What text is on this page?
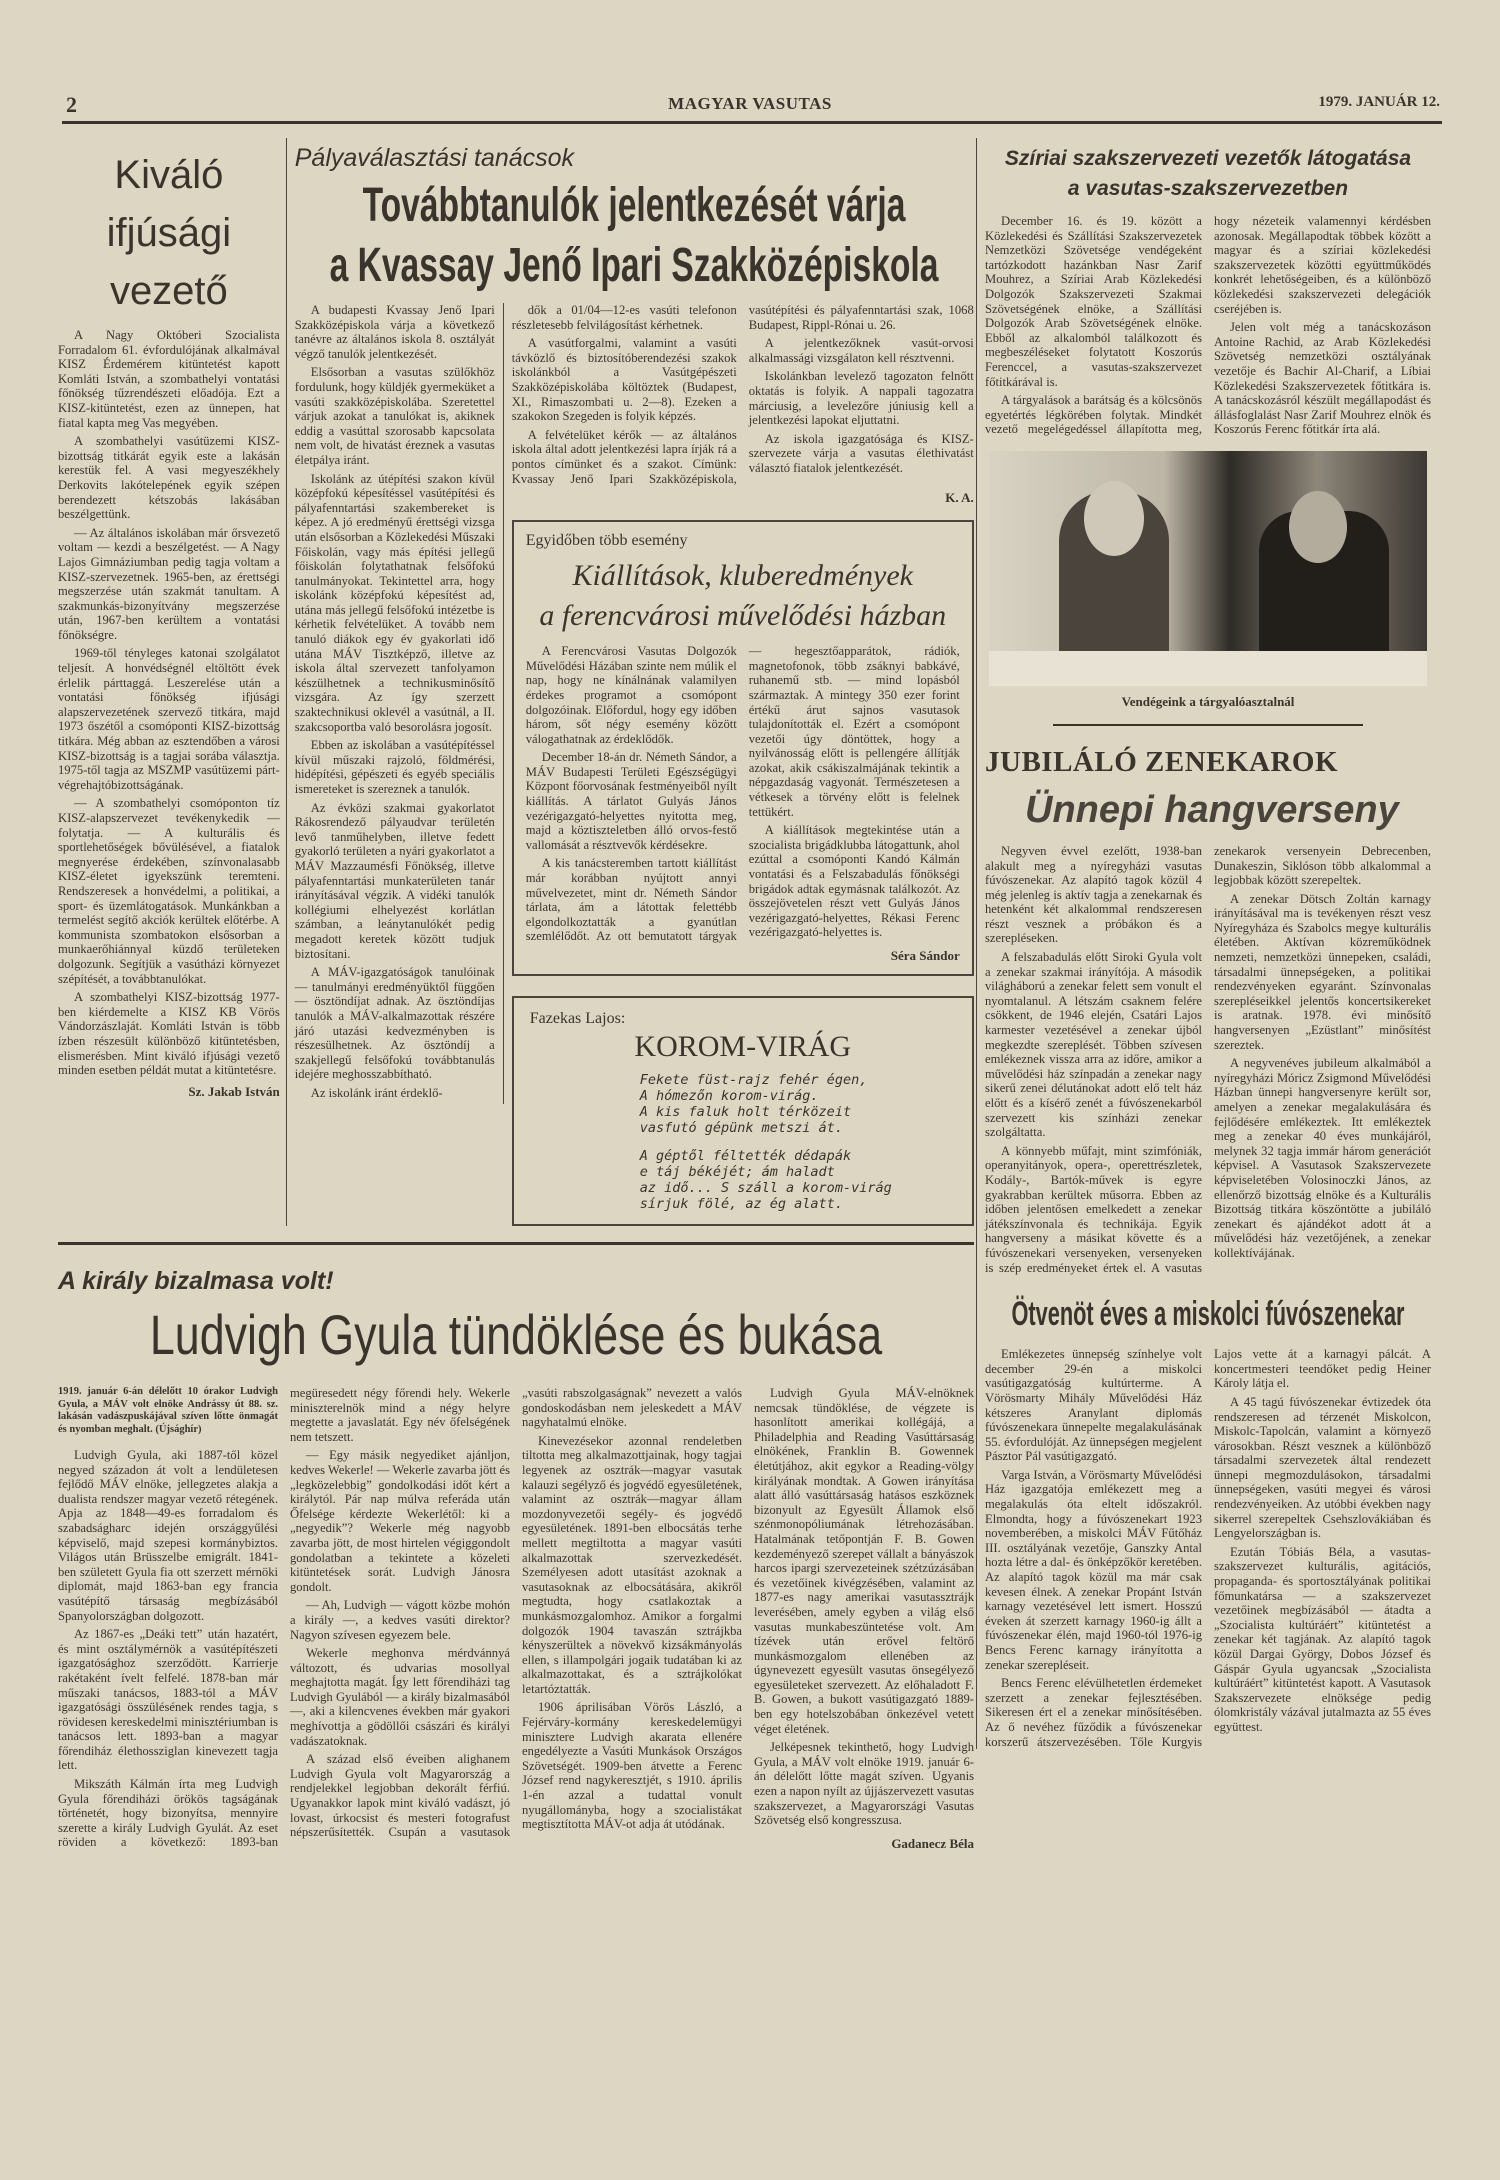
2	MAGYAR VASUTAS	1979. JANUÁR 12.
Kiváló
ifjúsági
vezető

A Nagy Októberi Szocialista Forradalom 61. évfordulójának alkalmával KISZ Érdemérem kitüntetést kapott Komláti István, a szombathelyi vontatási főnökség tűzrendészeti előadója. Ezt a KISZ-kitüntetést, ezen az ünnepen, hat fiatal kapta meg Vas megyében.

A szombathelyi vasútüzemi KISZ-bizottság titkárát egyik este a lakásán kerestük fel. A vasi megyeszékhely Derkovits lakótelepének egyik szépen berendezett kétszobás lakásában beszélgettünk.

— Az általános iskolában már őrsvezető voltam — kezdi a beszélgetést. — A Nagy Lajos Gimnáziumban pedig tagja voltam a KISZ-szervezetnek. 1965-ben, az érettségi megszerzése után szakmát tanultam. A szakmunkás-bizonyítvány megszerzése után, 1967-ben kerültem a vontatási főnökségre.

1969-től tényleges katonai szolgálatot teljesít. A honvédségnél eltöltött évek érlelik párttaggá. Leszerelése után a vontatási főnökség ifjúsági alapszervezetének szervező titkára, majd 1973 őszétől a csomóponti KISZ-bizottság titkára. Még abban az esztendőben a városi KISZ-bizottság is a tagjai sorába választja. 1975-től tagja az MSZMP vasútüzemi párt-végrehajtóbizottságának.

— A szombathelyi csomóponton tíz KISZ-alapszervezet tevékenykedik — folytatja. — A kulturális és sportlehetőségek bővülésével, a fiatalok megnyerése érdekében, színvonalasabb KISZ-életet igyekszünk teremteni. Rendszeresek a honvédelmi, a politikai, a sport- és üzemlátogatások. Munkánkban a termelést segítő akciók kerültek előtérbe. A kommunista szombatokon elsősorban a munkaerőhiánnyal küzdő területeken dolgozunk. Segítjük a vasútházi környezet szépítését, a továbbtanulókat.

A szombathelyi KISZ-bizottság 1977-ben kiérdemelte a KISZ KB Vörös Vándorzászlaját. Komláti István is több ízben részesült különböző kitüntetésben, elismerésben. Mint kiváló ifjúsági vezető minden esetben példát mutat a kitüntetésre.

Sz. Jakab István
Pályaválasztási tanácsok
Továbbtanulók jelentkezését várja
a Kvassay Jenő Ipari Szakközépiskola

A budapesti Kvassay Jenő Ipari Szakközépiskola várja a következő tanévre az általános iskola 8. osztályát végző tanulók jelentkezését.

Elsősorban a vasutas szülőkhöz fordulunk, hogy küldjék gyermeküket a vasúti szakközépiskolába. Szeretettel várjuk azokat a tanulókat is, akiknek eddig a vasúttal szorosabb kapcsolata nem volt, de hivatást éreznek a vasutas életpálya iránt.

Iskolánk az útépítési szakon kívül középfokú képesítéssel vasútépítési és pályafenntartási szakembereket is képez. A jó eredményű érettségi vizsga után elsősorban a Közlekedési Műszaki Főiskolán, vagy más építési jellegű főiskolán folytathatnak felsőfokú tanulmányokat. Tekintettel arra, hogy iskolánk középfokú képesítést ad, utána más jellegű felsőfokú intézetbe is kérhetik felvételüket. A tovább nem tanuló diákok egy év gyakorlati idő utána MÁV Tisztképző, illetve az iskola által szervezett tanfolyamon készülhetnek a technikusminősítő vizsgára. Az így szerzett szaktechnikusi oklevél a vasútnál, a II. szakcsoportba való besorolásra jogosít.

Ebben az iskolában a vasútépítéssel kívül műszaki rajzoló, földmérési, hidépítési, gépészeti és egyéb speciális ismereteket is szereznek a tanulók.

Az évközi szakmai gyakorlatot Rákosrendező pályaudvar területén levő tanműhelyben, illetve fedett gyakorló területen a nyári gyakorlatot a MÁV Mazzaumésfi Főnökség, illetve pályafenntartási munkaterületen tanár irányításával végzik. A vidéki tanulók kollégiumi elhelyezést korlátlan számban, a leánytanulókét pedig megadott keretek között tudjuk biztosítani.

A MÁV-igazgatóságok tanulóinak — tanulmányi eredményüktől függően — ösztöndíjat adnak. Az ösztöndíjas tanulók a MÁV-alkalmazottak részére járó utazási kedvezményben is részesülhetnek. Az ösztöndíj a szakjellegű felsőfokú továbbtanulás idejére meghosszabbítható.

Az iskolánk iránt érdeklő-

dők a 01/04—12-es vasúti telefonon részletesebb felvilágosítást kérhetnek.

A vasútforgalmi, valamint a vasúti távközlő és biztosítóberendezési szakok iskolánkból a Vasútgépészeti Szakközépiskolába költöztek (Budapest, XI., Rimaszombati u. 2—8). Ezeken a szakokon Szegeden is folyik képzés.

A felvételüket kérők — az általános iskola által adott jelentkezési lapra írják rá a pontos címünket és a szakot. Címünk: Kvassay Jenő Ipari Szakközépiskola, vasútépítési és pályafenntartási szak, 1068 Budapest, Rippl-Rónai u. 26.

A jelentkezőknek vasút-orvosi alkalmassági vizsgálaton kell résztvenni.

Iskolánkban levelező tagozaton felnőtt oktatás is folyik. A nappali tagozatra márciusig, a levelezőre júniusig kell a jelentkezési lapokat eljuttatni.

Az iskola igazgatósága és KISZ-szervezete várja a vasutas élethivatást választó fiatalok jelentkezését.

K. A.
Egyidőben több esemény
Kiállítások, kluberedmények
a ferencvárosi művelődési házban

A Ferencvárosi Vasutas Dolgozók Művelődési Házában szinte nem múlik el nap, hogy ne kínálnának valamilyen érdekes programot a csomópont dolgozóinak. Előfordul, hogy egy időben három, sőt négy esemény között válogathatnak az érdeklődők.

December 18-án dr. Németh Sándor, a MÁV Budapesti Területi Egészségügyi Központ főorvosának festményeiből nyílt kiállítás. A tárlatot Gulyás János vezérigazgató-helyettes nyitotta meg, majd a köztiszteletben álló orvos-festő vallomását a résztvevők kérdésekre.

A kis tanácsteremben tartott kiállítást már korábban nyújtott annyi művelvezetet, mint dr. Németh Sándor tárlata, ám a látottak felettébb elgondolkoztatták a gyanútlan szemlélődőt. Az ott bemutatott tárgyak — hegesztőapparátok, rádiók, magnetofonok, több zsáknyi babkávé, ruhanemű stb. — mind lopásból származtak. A mintegy 350 ezer forint értékű árut sajnos vasutasok tulajdonították el. Ezért a csomópont vezetői úgy döntöttek, hogy a nyilvánosság előtt is pellengére állítják azokat, akik csákiszalmájának tekintik a népgazdaság vagyonát. Természetesen a vétkesek a törvény előtt is felelnek tettükért.

A kiállítások megtekintése után a szocialista brigádklubba látogattunk, ahol ezúttal a csomóponti Kandó Kálmán vontatási és a Felszabadulás főnökségi brigádok adtak egymásnak találkozót. Az összejövetelen részt vett Gulyás János vezérigazgató-helyettes, Rékasi Ferenc vezérigazgató-helyettes is.

Séra Sándor
Fazekas Lajos:
KOROM-VIRÁG
Fekete füst-rajz fehér égen,
A hómezőn korom-virág.
A kis faluk holt térközeit
vasfutó gépünk metszi át.
A géptől féltették dédapák
e táj békéjét; ám haladt
az idő... S száll a korom-virág
sírjuk fölé, az ég alatt.
A király bizalmasa volt!
Ludvigh Gyula tündöklése és bukása
1919. január 6-án délelőtt 10 órakor Ludvigh Gyula, a MÁV volt elnöke Andrássy út 88. sz. lakásán vadászpuskájával szíven lőtte önmagát és nyomban meghalt. (Újsághír)

Ludvigh Gyula, aki 1887-től közel negyed századon át volt a lendületesen fejlődő MÁV elnöke, jellegzetes alakja a dualista rendszer magyar vezető rétegének. Apja az 1848—49-es forradalom és szabadságharc idején országgyűlési képviselő, majd szepesi kormánybiztos. Világos után Brüsszelbe emigrált. 1841-ben született Gyula fia ott szerzett mérnöki diplomát, majd 1863-ban egy francia vasútépítő társaság megbízásából Spanyolországban dolgozott.

Az 1867-es „Deáki tett” után hazatért, és mint osztálymérnök a vasútépítészeti igazgatósághoz szerződött. Karrierje rakétaként ívelt felfelé. 1878-ban már műszaki tanácsos, 1883-tól a MÁV igazgatósági összülésének rendes tagja, s rövidesen kereskedelmi minisztériumban is tanácsos lett. 1893-ban a magyar főrendiház élethossziglan kinevezett tagja lett.

Mikszáth Kálmán írta meg Ludvigh Gyula főrendiházi örökös tagságának történetét, hogy bizonyítsa, mennyire szerette a király Ludvigh Gyulát. Az eset röviden a következő: 1893-ban megüresedett négy főrendi hely. Wekerle miniszterelnök mind a négy helyre megtette a javaslatát. Egy név őfelségének nem tetszett.

— Egy másik negyediket ajánljon, kedves Wekerle! — Wekerle zavarba jött és „legközelebbig” gondolkodási időt kért a királytól. Pár nap múlva referáda után Őfelsége kérdezte Wekerlétől: ki a „negyedik”? Wekerle még nagyobb zavarba jött, de most hirtelen végiggondolt gondolatban a tekintete a közeleti kitüntetések sorát. Ludvigh Jánosra gondolt.

— Ah, Ludvigh — vágott közbe mohón a király —, a kedves vasúti direktor? Nagyon szívesen egyezem bele.

Wekerle meghonva mérdvánnyá változott, és udvarias mosollyal meghajtotta magát. Így lett főrendiházi tag Ludvigh Gyulából — a király bizalmasából —, aki a kilencvenes években már gyakori meghívottja a gödöllői császári és királyi vadászatoknak.

A század első éveiben alighanem Ludvigh Gyula volt Magyarország a rendjelekkel legjobban dekorált férfiú. Ugyanakkor lapok mint kiváló vadászt, jó lovast, úrkocsist és mesteri fotografust népszerűsítették. Csupán a vasutasok „vasúti rabszolgaságnak” nevezett a valós gondoskodásban nem jeleskedett a MÁV nagyhatalmú elnöke.

Kinevezésekor azonnal rendeletben tiltotta meg alkalmazottjainak, hogy tagjai legyenek az osztrák—magyar vasutak kalauzi segélyző és jogvédő egyesületének, valamint az osztrák—magyar állam mozdonyvezetői segély- és jogvédő egyesületének. 1891-ben elbocsátás terhe mellett megtiltotta a magyar vasúti alkalmazottak szervezkedését. Személyesen adott utasítást azoknak a vasutasoknak az elbocsátására, akikről megtudta, hogy csatlakoztak a munkásmozgalomhoz. Amikor a forgalmi dolgozók 1904 tavaszán sztrájkba kényszerültek a növekvő kizsákmányolás ellen, s illampolgári jogaik tudatában ki az alkalmazottakat, és a sztrájkolókat letartóztatták.

1906 áprilisában Vörös László, a Fejérváry-kormány kereskedelemügyi minisztere Ludvigh akarata ellenére engedélyezte a Vasúti Munkások Országos Szövetségét. 1909-ben átvette a Ferenc József rend nagykeresztjét, s 1910. április 1-én azzal a tudattal vonult nyugállományba, hogy a szocialistákat megtisztította MÁV-ot adja át utódának.

Ludvigh Gyula MÁV-elnöknek nemcsak tündöklése, de végzete is hasonlított amerikai kollégájá, a Philadelphia and Reading Vasúttársaság elnökének, Franklin B. Gowennek életútjához, akit egykor a Reading-völgy királyának mondtak. A Gowen irányítása alatt álló vasúttársaság hatásos eszköznek bizonyult az Egyesült Államok első szénmonopóliumának létrehozásában. Hatalmának tetőpontján F. B. Gowen kezdeményező szerepet vállalt a bányászok harcos ipargi szervezeteinek szétzúzásában és vezetőinek kivégzésében, valamint az 1877-es nagy amerikai vasutassztrájk leverésében, amely egyben a világ első vasutas munkabeszüntetése volt. Am tízévek után erővel feltörő munkásmozgalom ellenében az úgynevezett egyesült vasutas önsegélyező egyesületeket szervezett. Az előhaladott F. B. Gowen, a bukott vasútigazgató 1889-ben egy hotelszobában önkezével vetett véget életének.

Jelképesnek tekinthető, hogy Ludvigh Gyula, a MÁV volt elnöke 1919. január 6-án délelőtt lőtte magát szíven. Ugyanis ezen a napon nyílt az újjászervezett vasutas szakszervezet, a Magyarországi Vasutas Szövetség első kongresszusa.

Gadanecz Béla
Szíriai szakszervezeti vezetők látogatása
a vasutas-szakszervezetben

December 16. és 19. között a Közlekedési és Szállítási Szakszervezetek Nemzetközi Szövetsége vendégeként tartózkodott hazánkban Nasr Zarif Mouhrez, a Szíriai Arab Közlekedési Dolgozók Szakszervezeti Szakmai Szövetségének elnöke, a Szállítási Dolgozók Arab Szövetségének elnöke. Ebből az alkalomból találkozott és megbeszéléseket folytatott Koszorús Ferenccel, a vasutas-szakszervezet főtitkárával is.

A tárgyalások a barátság és a kölcsönös egyetértés légkörében folytak. Mindkét vezető megelégedéssel állapította meg, hogy nézeteik valamennyi kérdésben azonosak. Megállapodtak többek között a magyar és a szíriai közlekedési szakszervezetek közötti együttműködés konkrét lehetőségeiben, és a különböző közlekedési szakszervezeti delegációk cseréjében is.

Jelen volt még a tanácskozáson Antoine Rachid, az Arab Közlekedési Szövetség nemzetközi osztályának vezetője és Bachir Al-Charif, a Líbiai Közlekedési Szakszervezetek főtitkára is. A tanácskozásról készült megállapodást és állásfoglalást Nasr Zarif Mouhrez elnök és Koszorús Ferenc főtitkár írta alá.

Vendégeink a tárgyalóasztalnál
JUBILÁLÓ ZENEKAROK
Ünnepi hangverseny

Negyven évvel ezelőtt, 1938-ban alakult meg a nyíregyházi vasutas fúvószenekar. Az alapító tagok közül 4 még jelenleg is aktív tagja a zenekarnak és hetenként két alkalommal rendszeresen részt vesznek a próbákon és a szerepléseken.

A felszabadulás előtt Siroki Gyula volt a zenekar szakmai irányítója. A második világháború a zenekar felett sem vonult el nyomtalanul. A létszám csaknem felére csökkent, de 1946 elején, Csatári Lajos karmester vezetésével a zenekar újból megkezdte szereplését. Többen szívesen emlékeznek vissza arra az időre, amikor a művelődési ház színpadán a zenekar nagy sikerű zenei délutánokat adott elő telt ház előtt és a kísérő zenét a fúvószenekarból szervezett kis színházi zenekar szolgáltatta.

A könnyebb műfajt, mint szimfóniák, operanyitányok, opera-, operettrészletek, Kodály-, Bartók-művek is egyre gyakrabban kerültek műsorra. Ebben az időben jelentősen emelkedett a zenekar játékszínvonala és technikája. Egyik hangverseny a másikat követte és a fúvószenekari versenyeken, versenyeken is szép eredményeket értek el. A vasutas zenekarok versenyein Debrecenben, Dunakeszin, Siklóson több alkalommal a legjobbak között szerepeltek.

A zenekar Dötsch Zoltán karnagy irányításával ma is tevékenyen részt vesz Nyíregyháza és Szabolcs megye kulturális életében. Aktívan közreműködnek nemzeti, nemzetközi ünnepeken, családi, társadalmi ünnepségeken, a politikai rendezvényeken egyaránt. Színvonalas szerepléseikkel jelentős koncertsikereket is aratnak. 1978. évi minősítő hangversenyen „Ezüstlant” minősítést szereztek.

A negyvenéves jubileum alkalmából a nyíregyházi Móricz Zsigmond Művelődési Házban ünnepi hangversenyre került sor, amelyen a zenekar megalakulására és fejlődésére emlékeztek. Itt emlékeztek meg a zenekar 40 éves munkájáról, melynek 32 tagja immár három generációt képvisel. A Vasutasok Szakszervezete képviseletében Volosinoczki János, az ellenőrző bizottság elnöke és a Kulturális Bizottság titkára köszöntötte a jubiláló zenekart és ajándékot adott át a művelődési ház vezetőjének, a zenekar kollektívájának.

Ötvenöt éves a miskolci fúvószenekar

Emlékezetes ünnepség színhelye volt december 29-én a miskolci vasútigazgatóság kultúrterme. A Vörösmarty Mihály Művelődési Ház kétszeres Aranylant diplomás fúvószenekara ünnepelte megalakulásának 55. évfordulóját. Az ünnepségen megjelent Pásztor Pál vasútigazgató.

Varga István, a Vörösmarty Művelődési Ház igazgatója emlékezett meg a megalakulás óta eltelt időszakról. Elmondta, hogy a fúvószenekart 1923 novemberében, a miskolci MÁV Fűtőház III. osztályának vezetője, Ganszky Antal hozta létre a dal- és önképzőkör keretében. Az alapító tagok közül ma már csak kevesen élnek. A zenekar Propánt István karnagy vezetésével lett ismert. Hosszú éveken át szerzett karnagy 1960-ig állt a fúvószenekar élén, majd 1960-tól 1976-ig Bencs Ferenc karnagy irányította a zenekar szerepléseit.

Bencs Ferenc elévülhetetlen érdemeket szerzett a zenekar fejlesztésében. Sikeresen ért el a zenekar minősítésében. Az ő nevéhez fűződik a fúvószenekar korszerű átszervezésében. Tőle Kurgyis Lajos vette át a karnagyi pálcát. A koncertmesteri teendőket pedig Heiner Károly látja el.

A 45 tagú fúvószenekar évtizedek óta rendszeresen ad térzenét Miskolcon, Miskolc-Tapolcán, valamint a környező városokban. Részt vesznek a különböző társadalmi szervezetek által rendezett ünnepi megmozdulásokon, társadalmi ünnepségeken, vasúti megyei és városi rendezvényeiken. Az utóbbi években nagy sikerrel szerepeltek Csehszlovákiában és Lengyelországban is.

Ezután Tóbiás Béla, a vasutas-szakszervezet kulturális, agitációs, propaganda- és sportosztályának politikai főmunkatársa — a szakszervezet vezetőinek megbízásából — átadta a „Szocialista kultúráért” kitüntetést a zenekar két tagjának. Az alapító tagok közül Dargai György, Dobos József és Gáspár Gyula ugyancsak „Szocialista kultúráért” kitüntetést kapott. A Vasutasok Szakszervezete elnöksége pedig ólomkristály vázával jutalmazta az 55 éves együttest.
